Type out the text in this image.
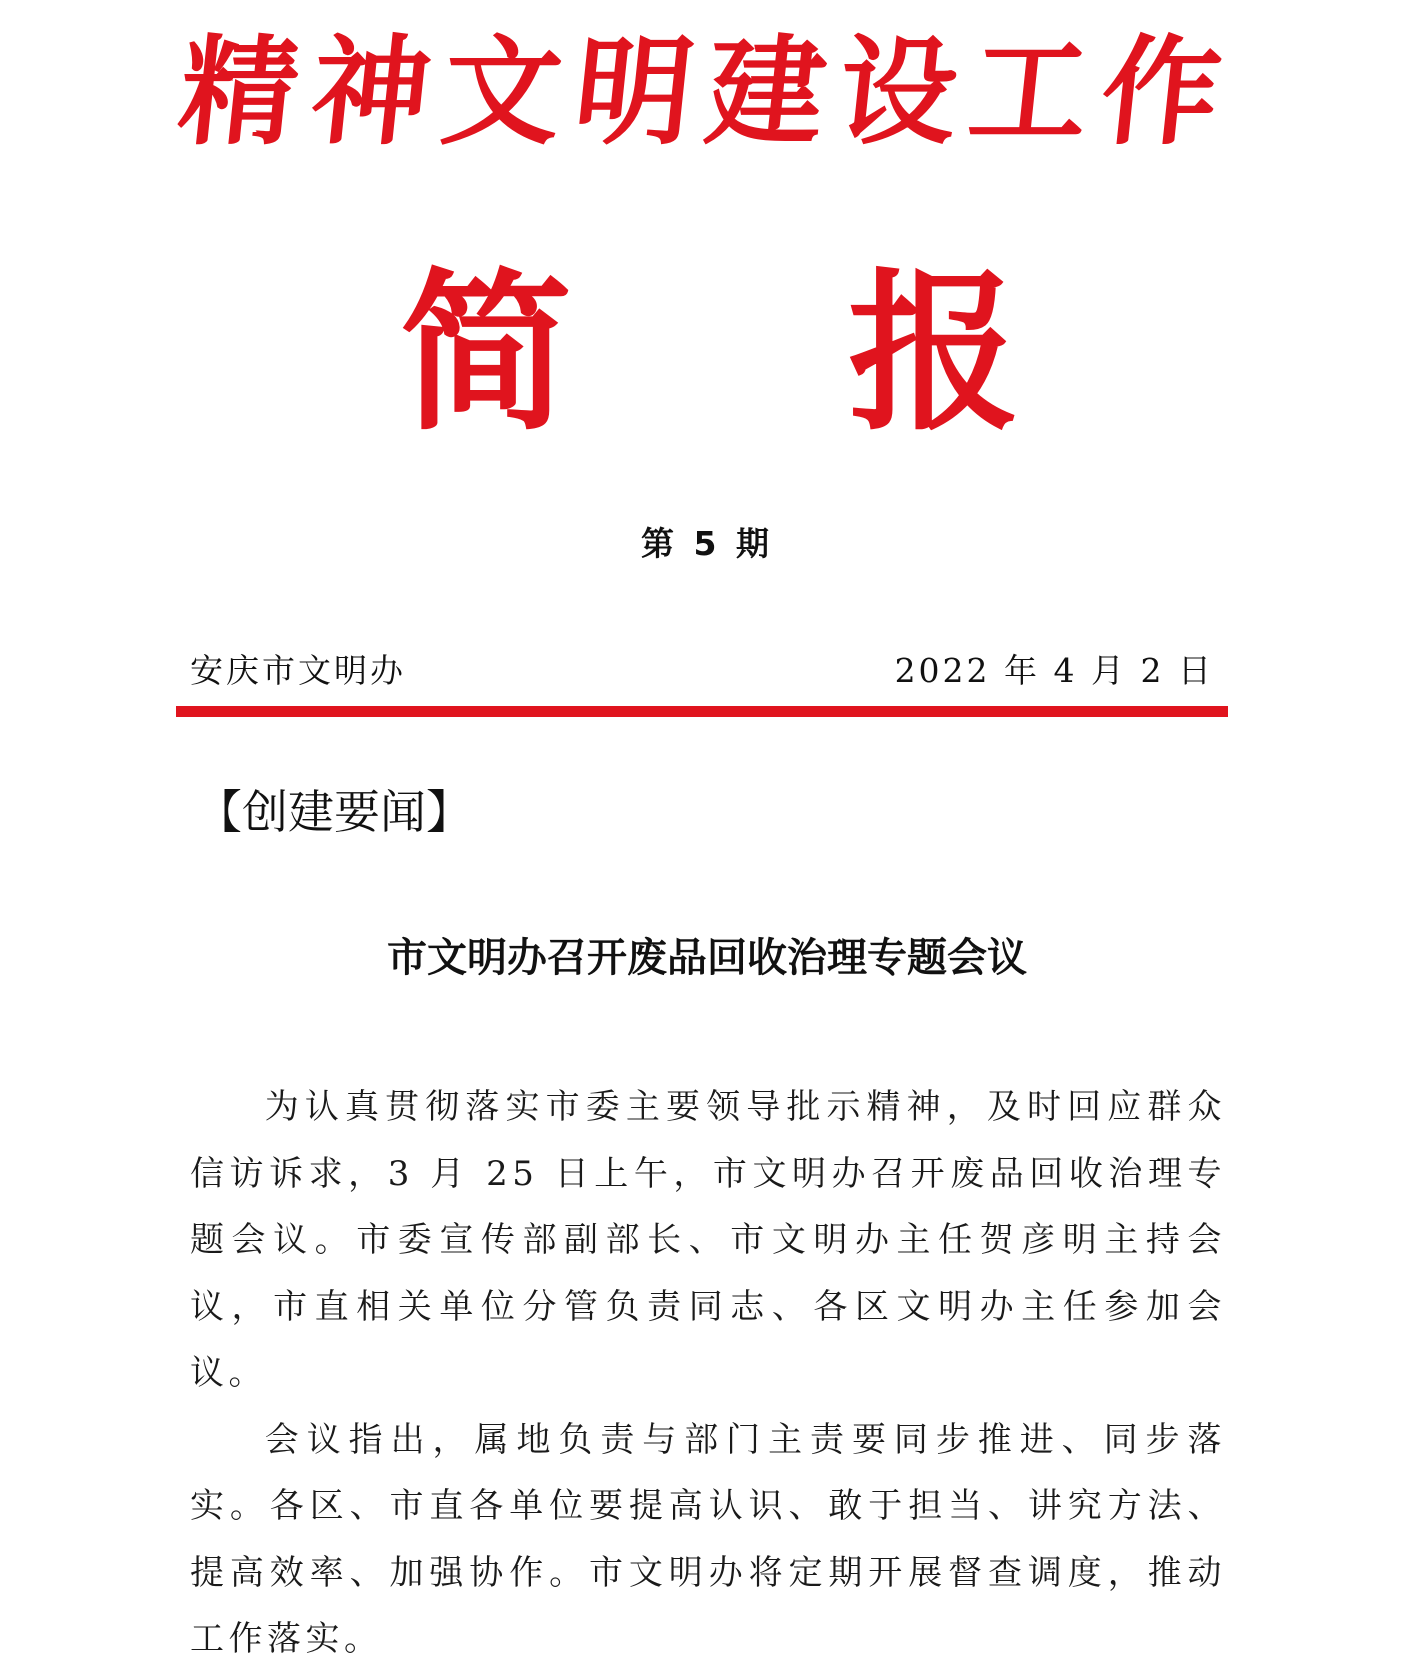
精 神 文 明 建 设 工 作
简 报
第 5 期
安庆市文明办	2022 年 4 月 2 日
【创建要闻】
市文明办召开废品回收治理专题会议

为认真贯彻落实市委主要领导批示精神，及时回应群众信访诉求，3 月 25 日上午，市文明办召开废品回收治理专题会议。市委宣传部副部长、市文明办主任贺彦明主持会议，市直相关单位分管负责同志、各区文明办主任参加会议。

会议指出，属地负责与部门主责要同步推进、同步落实。各区、市直各单位要提高认识、敢于担当、讲究方法、提高效率、加强协作。市文明办将定期开展督查调度，推动工作落实。
